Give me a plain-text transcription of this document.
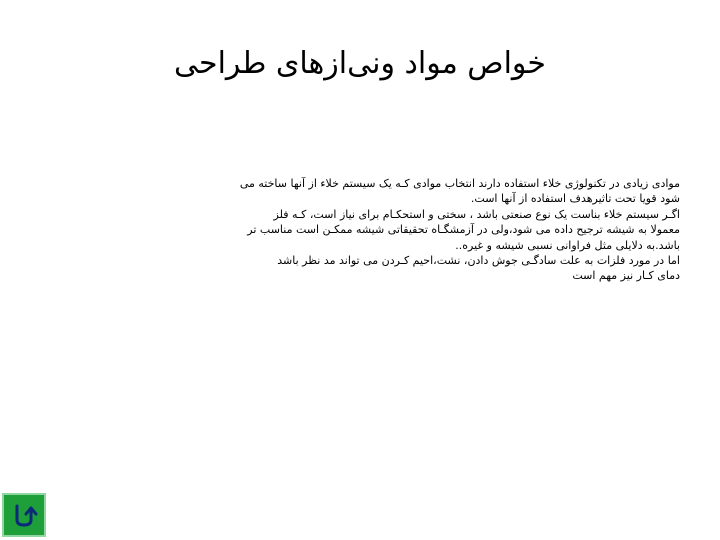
خواص مواد ونی‌ازهای طراحی
موادی زیادی در تکنولوژی خلاء استفاده دارند انتخاب موادی کـه یک سیستم خلاء از آنها ساخته می
شود قویا تحت تاثیرهدف استفاده از آنها است.
اگـر سیستم خلاء بناست یک نوع صنعتی باشد ، سختی و استحکـام برای نیاز است، کـه فلز
معمولا به شیشه ترجیح داده می شود،ولی در آزمشگـاه تحقیقاتی شیشه ممکـن است مناسب تر
باشد.به دلایلی مثل فراوانی نسبی شیشه و غیره..
اما در مورد فلزات به علت سادگـی جوش دادن، نشت،احیم کـردن می تواند مد نظر باشد
دمای کـار نیز مهم است
